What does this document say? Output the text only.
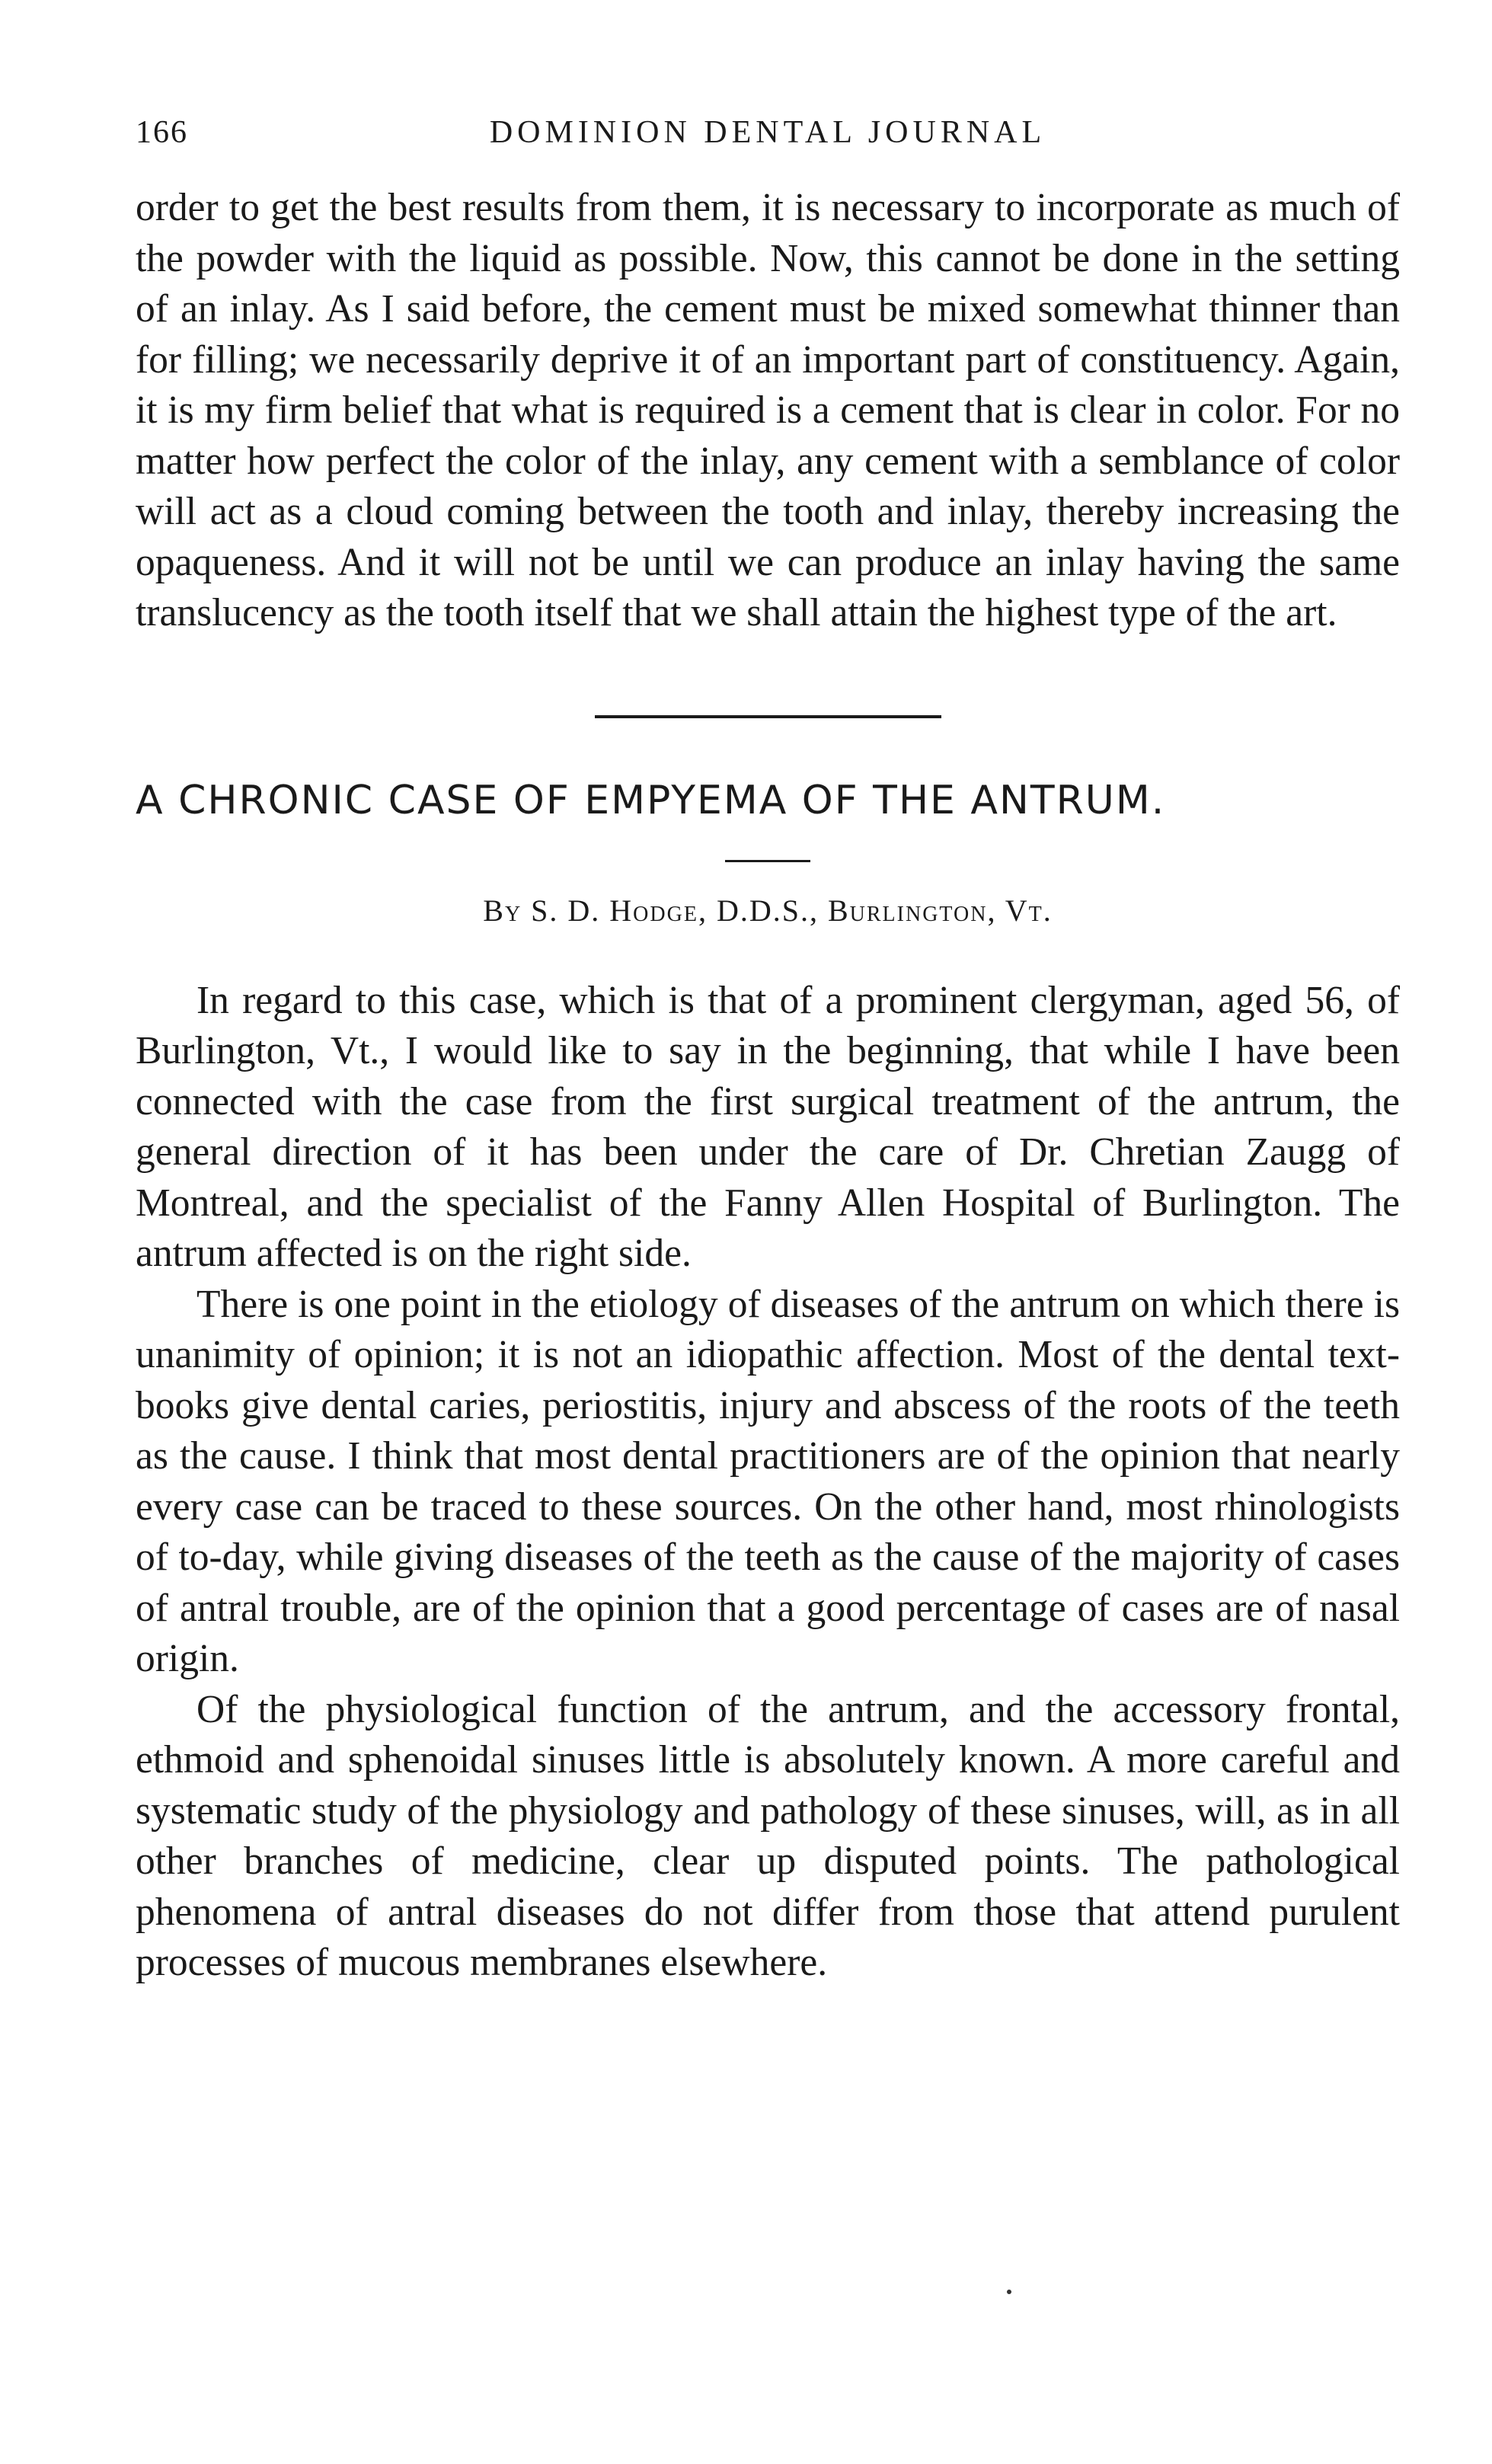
166	DOMINION DENTAL JOURNAL

order to get the best results from them, it is necessary to incorporate as much of the powder with the liquid as possible. Now, this cannot be done in the setting of an inlay. As I said before, the cement must be mixed somewhat thinner than for filling; we necessarily deprive it of an important part of constituency. Again, it is my firm belief that what is required is a cement that is clear in color. For no matter how perfect the color of the inlay, any cement with a semblance of color will act as a cloud coming between the tooth and inlay, thereby increasing the opaqueness. And it will not be until we can produce an inlay having the same translucency as the tooth itself that we shall attain the highest type of the art.

A CHRONIC CASE OF EMPYEMA OF THE ANTRUM.
By S. D. Hodge, D.D.S., Burlington, Vt.

In regard to this case, which is that of a prominent clergyman, aged 56, of Burlington, Vt., I would like to say in the beginning, that while I have been connected with the case from the first surgical treatment of the antrum, the general direction of it has been under the care of Dr. Chretian Zaugg of Montreal, and the specialist of the Fanny Allen Hospital of Burlington. The antrum affected is on the right side.

There is one point in the etiology of diseases of the antrum on which there is unanimity of opinion; it is not an idiopathic affection. Most of the dental text-books give dental caries, periostitis, injury and abscess of the roots of the teeth as the cause. I think that most dental practitioners are of the opinion that nearly every case can be traced to these sources. On the other hand, most rhinologists of to-day, while giving diseases of the teeth as the cause of the majority of cases of antral trouble, are of the opinion that a good percentage of cases are of nasal origin.

Of the physiological function of the antrum, and the accessory frontal, ethmoid and sphenoidal sinuses little is absolutely known. A more careful and systematic study of the physiology and pathology of these sinuses, will, as in all other branches of medicine, clear up disputed points. The pathological phenomena of antral diseases do not differ from those that attend purulent processes of mucous membranes elsewhere.
